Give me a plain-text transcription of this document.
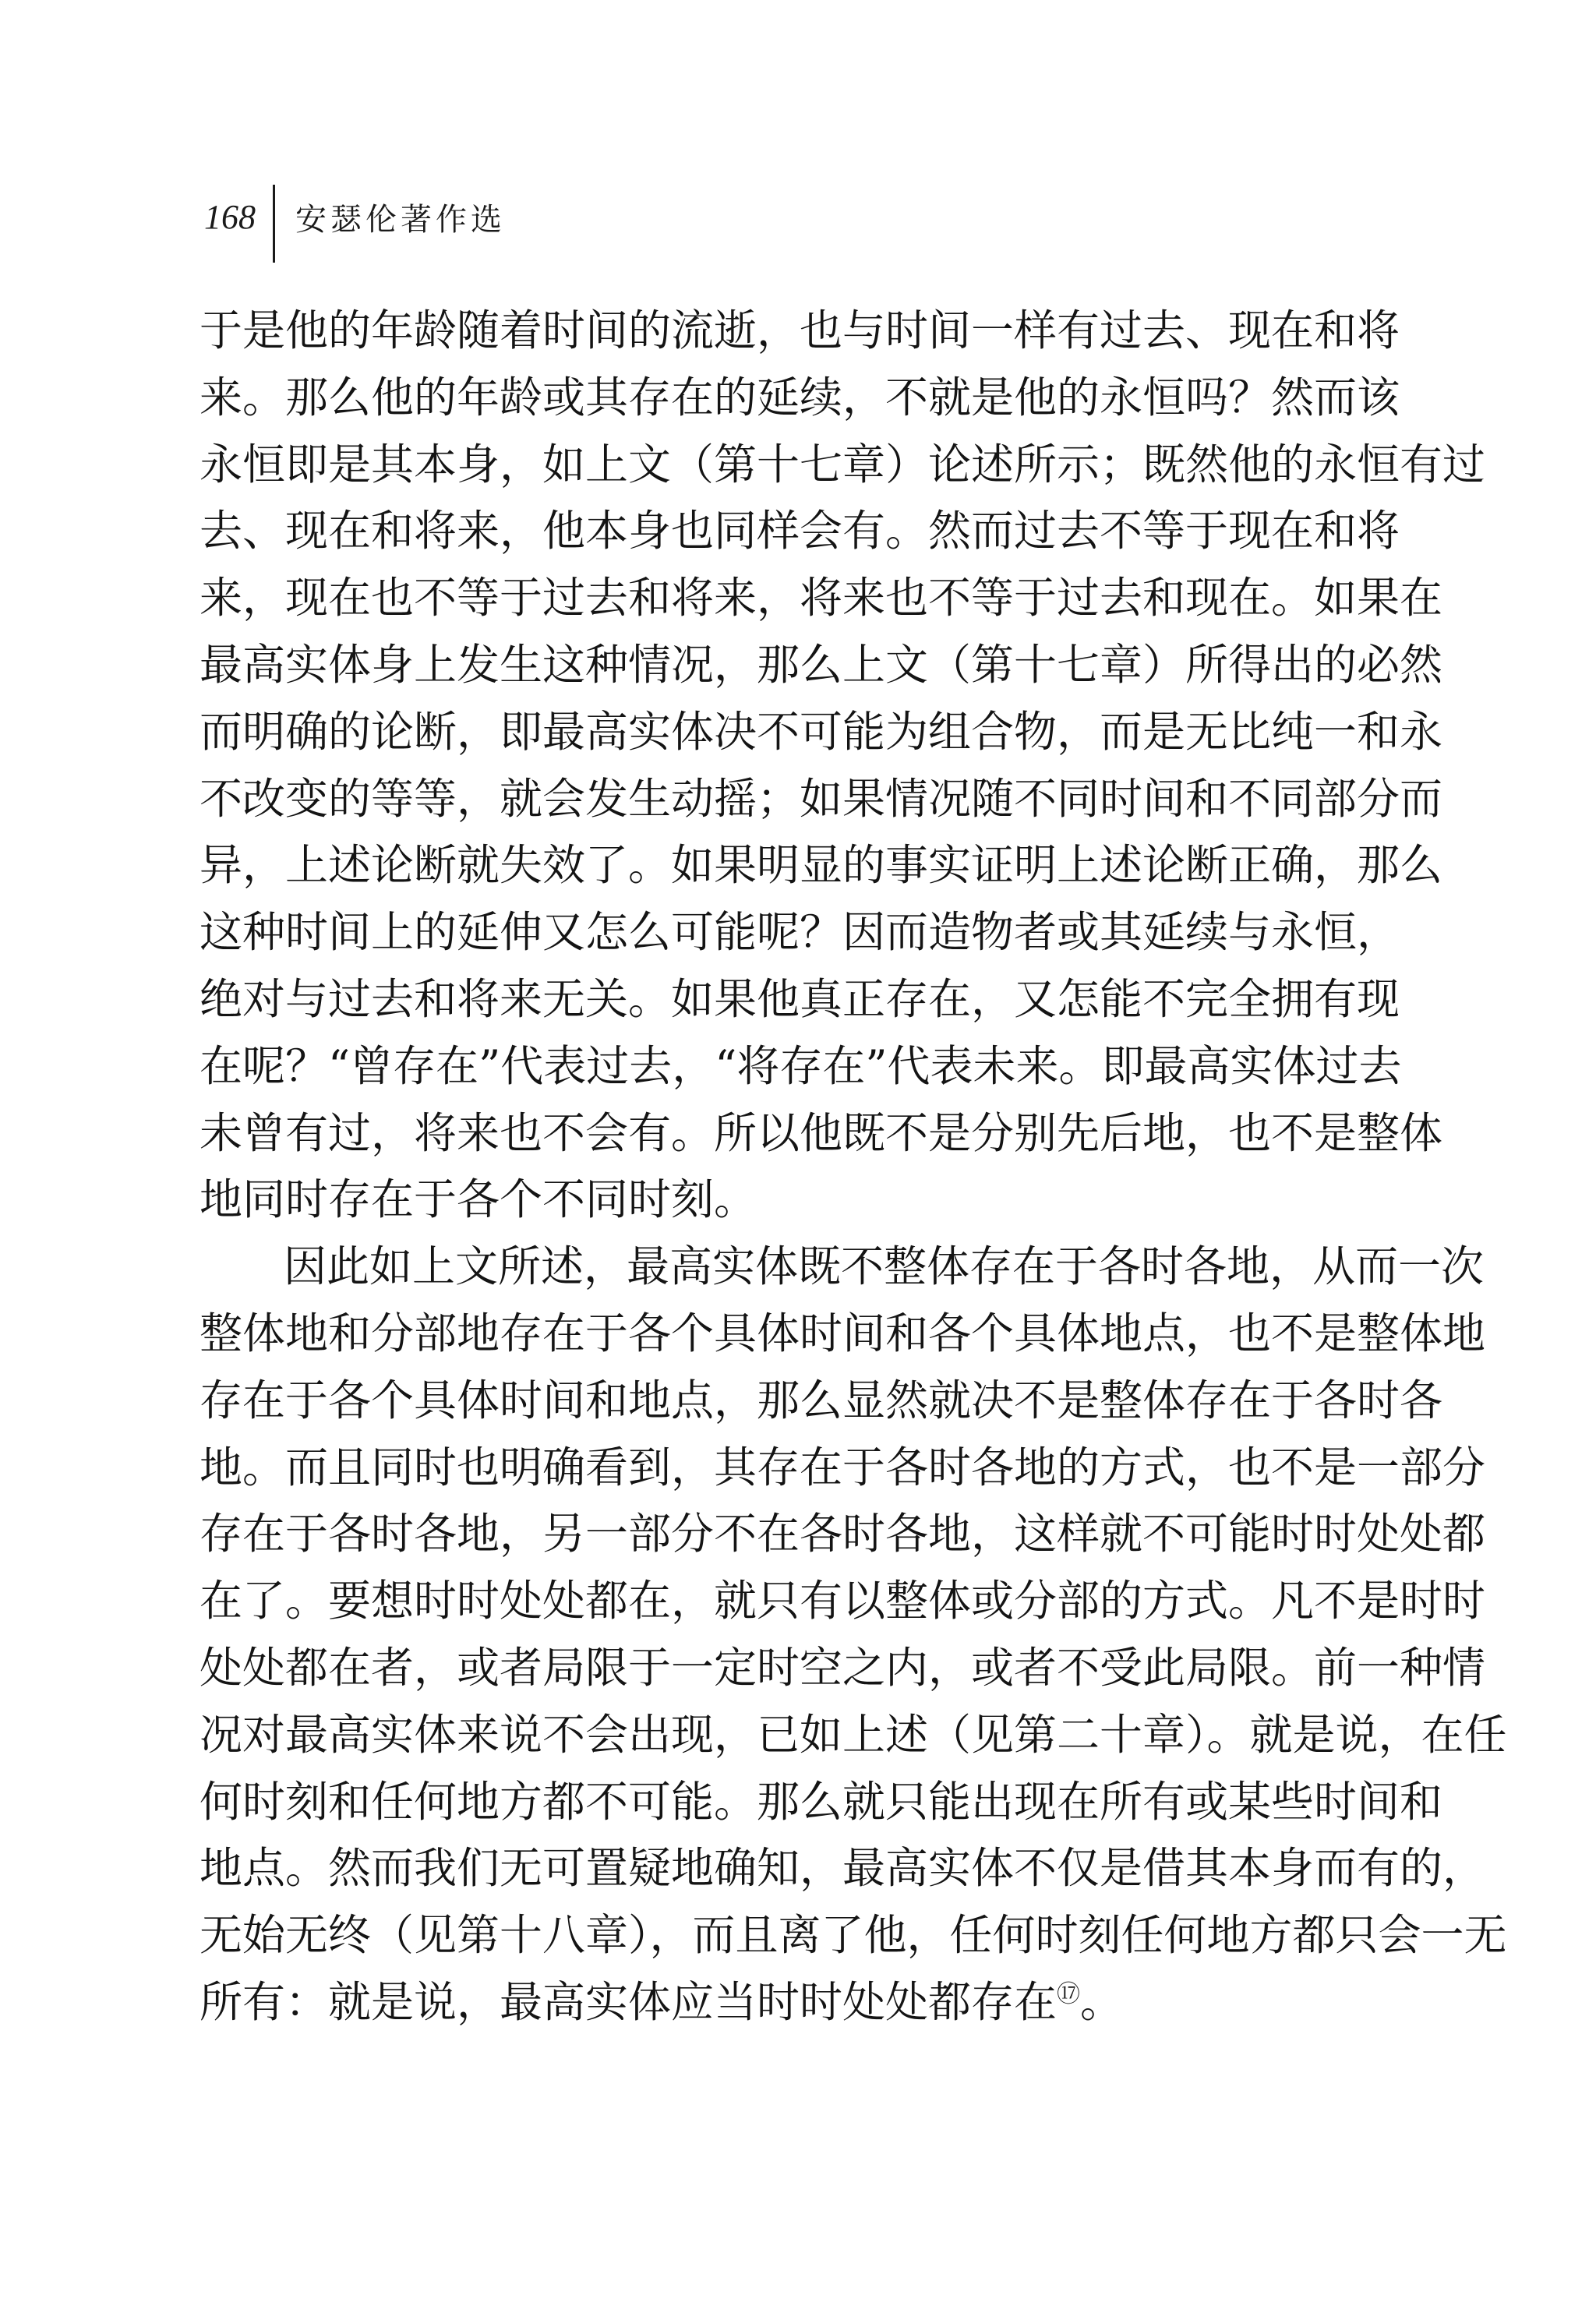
168 安瑟伦著作选
于是他的年龄随着时间的流逝，也与时间一样有过去、现在和将
来。那么他的年龄或其存在的延续，不就是他的永恒吗？然而该
永恒即是其本身，如上文（第十七章）论述所示；既然他的永恒有过
去、现在和将来，他本身也同样会有。然而过去不等于现在和将
来，现在也不等于过去和将来，将来也不等于过去和现在。如果在
最高实体身上发生这种情况，那么上文（第十七章）所得出的必然
而明确的论断，即最高实体决不可能为组合物，而是无比纯一和永
不改变的等等，就会发生动摇；如果情况随不同时间和不同部分而
异，上述论断就失效了。如果明显的事实证明上述论断正确，那么
这种时间上的延伸又怎么可能呢？因而造物者或其延续与永恒，
绝对与过去和将来无关。如果他真正存在，又怎能不完全拥有现
在呢？“曾存在”代表过去，“将存在”代表未来。即最高实体过去
未曾有过，将来也不会有。所以他既不是分别先后地，也不是整体
地同时存在于各个不同时刻。
因此如上文所述，最高实体既不整体存在于各时各地，从而一次
整体地和分部地存在于各个具体时间和各个具体地点，也不是整体地
存在于各个具体时间和地点，那么显然就决不是整体存在于各时各
地。而且同时也明确看到，其存在于各时各地的方式，也不是一部分
存在于各时各地，另一部分不在各时各地，这样就不可能时时处处都
在了。要想时时处处都在，就只有以整体或分部的方式。凡不是时时
处处都在者，或者局限于一定时空之内，或者不受此局限。前一种情
况对最高实体来说不会出现，已如上述（见第二十章）。就是说，在任
何时刻和任何地方都不可能。那么就只能出现在所有或某些时间和
地点。然而我们无可置疑地确知，最高实体不仅是借其本身而有的，
无始无终（见第十八章），而且离了他，任何时刻任何地方都只会一无
所有：就是说，最高实体应当时时处处都存在⑰。
